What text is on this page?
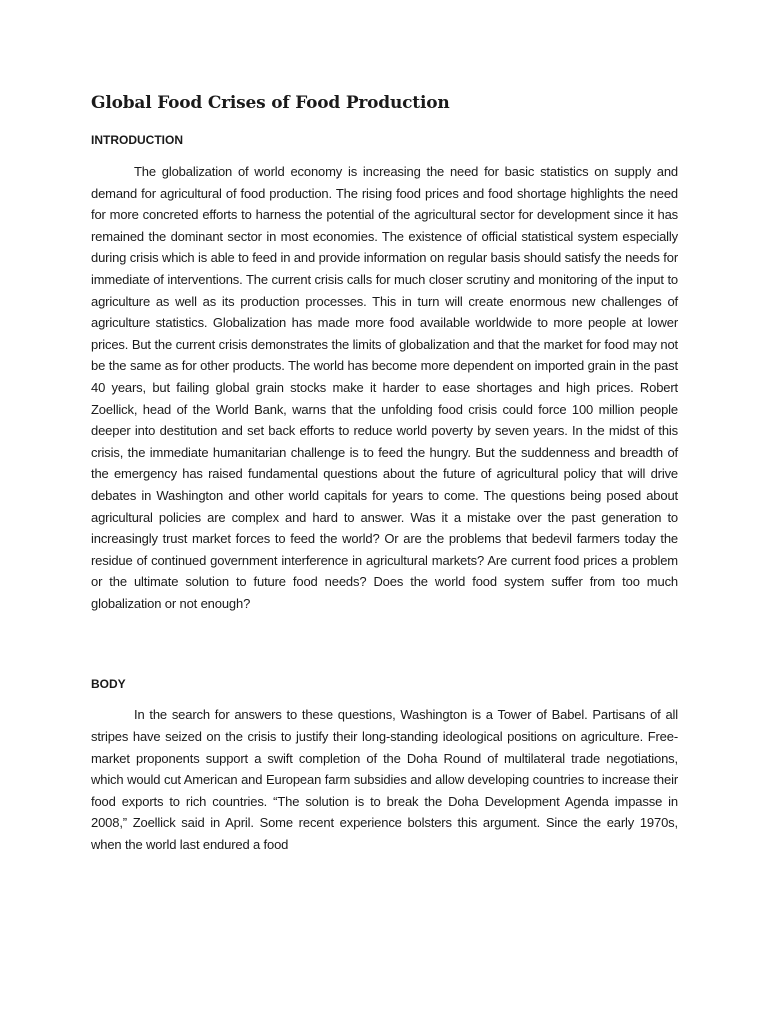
Global Food Crises of Food Production
INTRODUCTION

The globalization of world economy is increasing the need for basic statistics on supply and demand for agricultural of food production. The rising food prices and food shortage highlights the need for more concreted efforts to harness the potential of the agricultural sector for development since it has remained the dominant sector in most economies. The existence of official statistical system especially during crisis which is able to feed in and provide information on regular basis should satisfy the needs for immediate of interventions. The current crisis calls for much closer scrutiny and monitoring of the input to agriculture as well as its production processes. This in turn will create enormous new challenges of agriculture statistics. Globalization has made more food available worldwide to more people at lower prices. But the current crisis demonstrates the limits of globalization and that the market for food may not be the same as for other products. The world has become more dependent on imported grain in the past 40 years, but failing global grain stocks make it harder to ease shortages and high prices. Robert Zoellick, head of the World Bank, warns that the unfolding food crisis could force 100 million people deeper into destitution and set back efforts to reduce world poverty by seven years. In the midst of this crisis, the immediate humanitarian challenge is to feed the hungry. But the suddenness and breadth of the emergency has raised fundamental questions about the future of agricultural policy that will drive debates in Washington and other world capitals for years to come. The questions being posed about agricultural policies are complex and hard to answer. Was it a mistake over the past generation to increasingly trust market forces to feed the world? Or are the problems that bedevil farmers today the residue of continued government interference in agricultural markets? Are current food prices a problem or the ultimate solution to future food needs? Does the world food system suffer from too much globalization or not enough?

BODY

In the search for answers to these questions, Washington is a Tower of Babel. Partisans of all stripes have seized on the crisis to justify their long-standing ideological positions on agriculture. Free-market proponents support a swift completion of the Doha Round of multilateral trade negotiations, which would cut American and European farm subsidies and allow developing countries to increase their food exports to rich countries. “The solution is to break the Doha Development Agenda impasse in 2008,” Zoellick said in April. Some recent experience bolsters this argument. Since the early 1970s, when the world last endured a food
